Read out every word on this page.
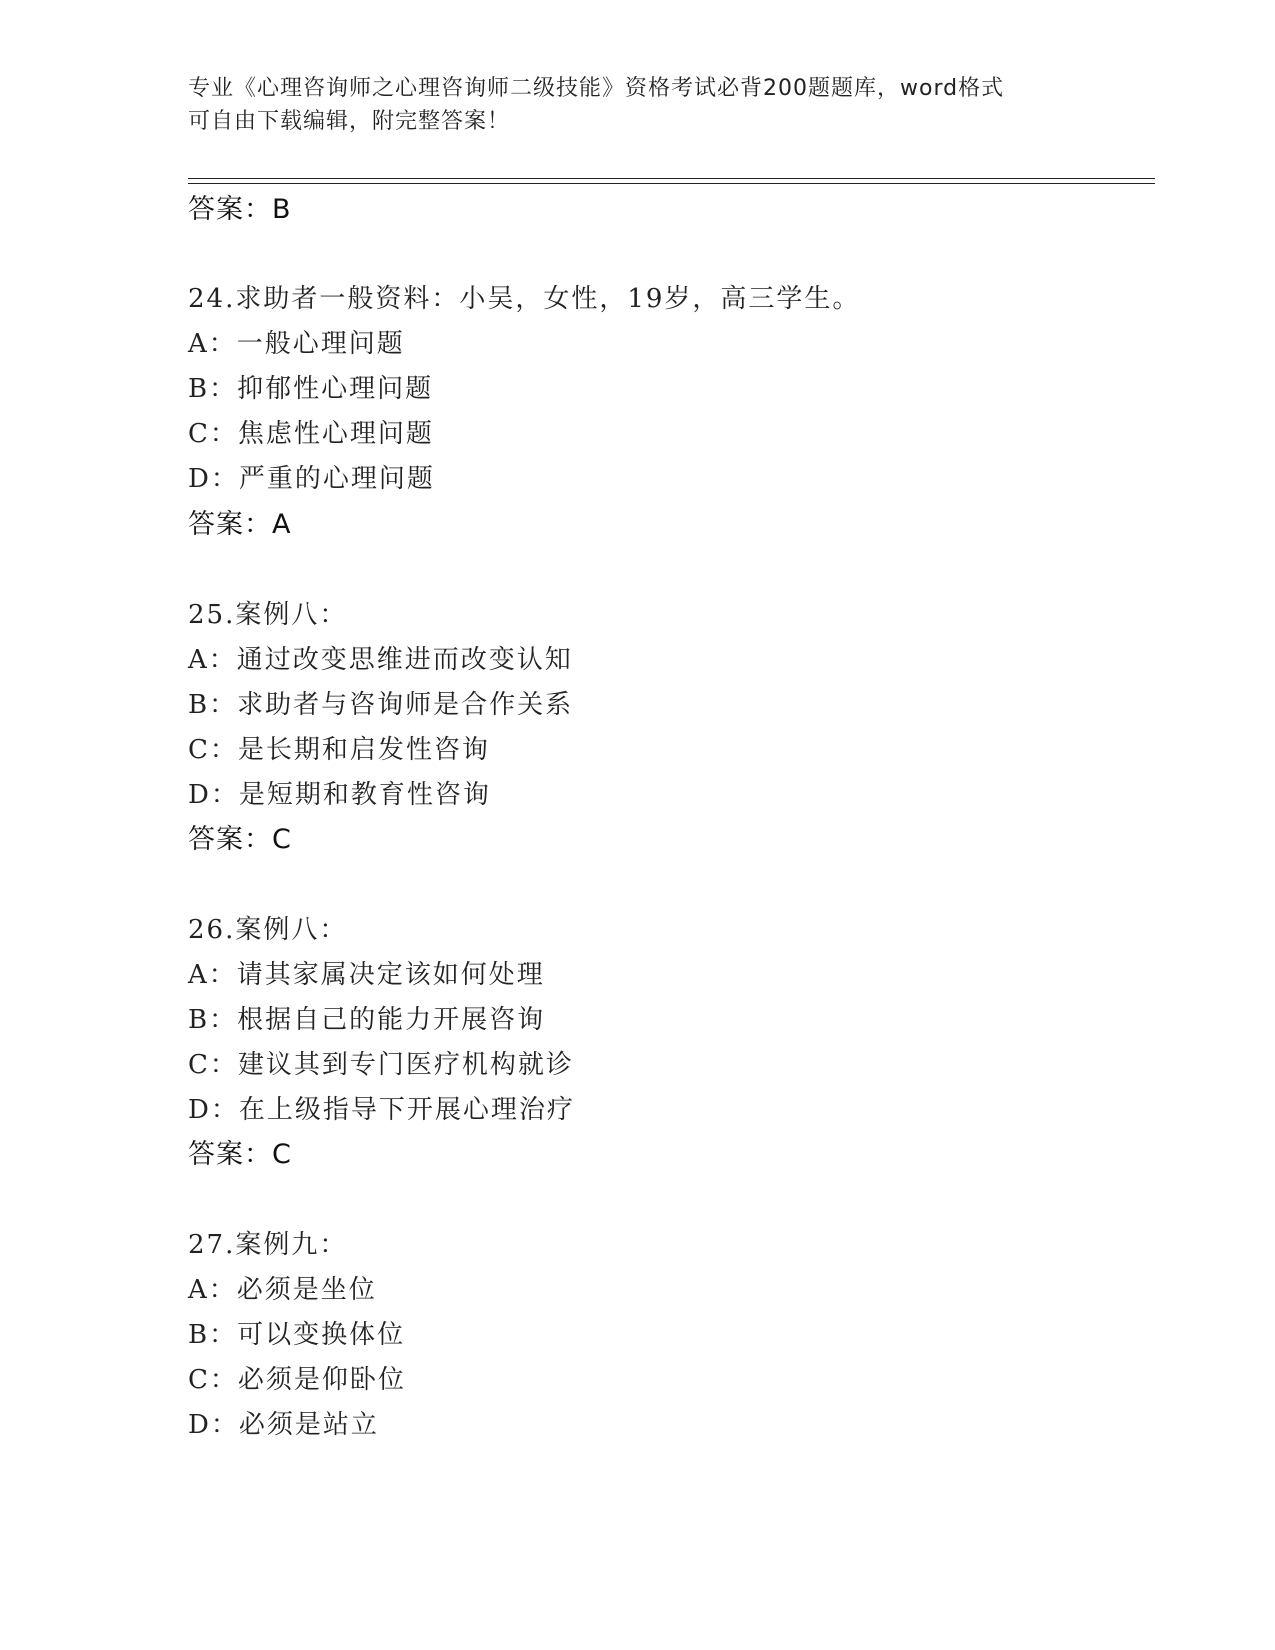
专业《心理咨询师之心理咨询师二级技能》资格考试必背200题题库，word格式
可自由下载编辑，附完整答案！
答案：B
24.求助者一般资料：小吴，女性，19岁，高三学生。
A：一般心理问题
B：抑郁性心理问题
C：焦虑性心理问题
D：严重的心理问题
答案：A
25.案例八：
A：通过改变思维进而改变认知
B：求助者与咨询师是合作关系
C：是长期和启发性咨询
D：是短期和教育性咨询
答案：C
26.案例八：
A：请其家属决定该如何处理
B：根据自己的能力开展咨询
C：建议其到专门医疗机构就诊
D：在上级指导下开展心理治疗
答案：C
27.案例九：
A：必须是坐位
B：可以变换体位
C：必须是仰卧位
D：必须是站立
